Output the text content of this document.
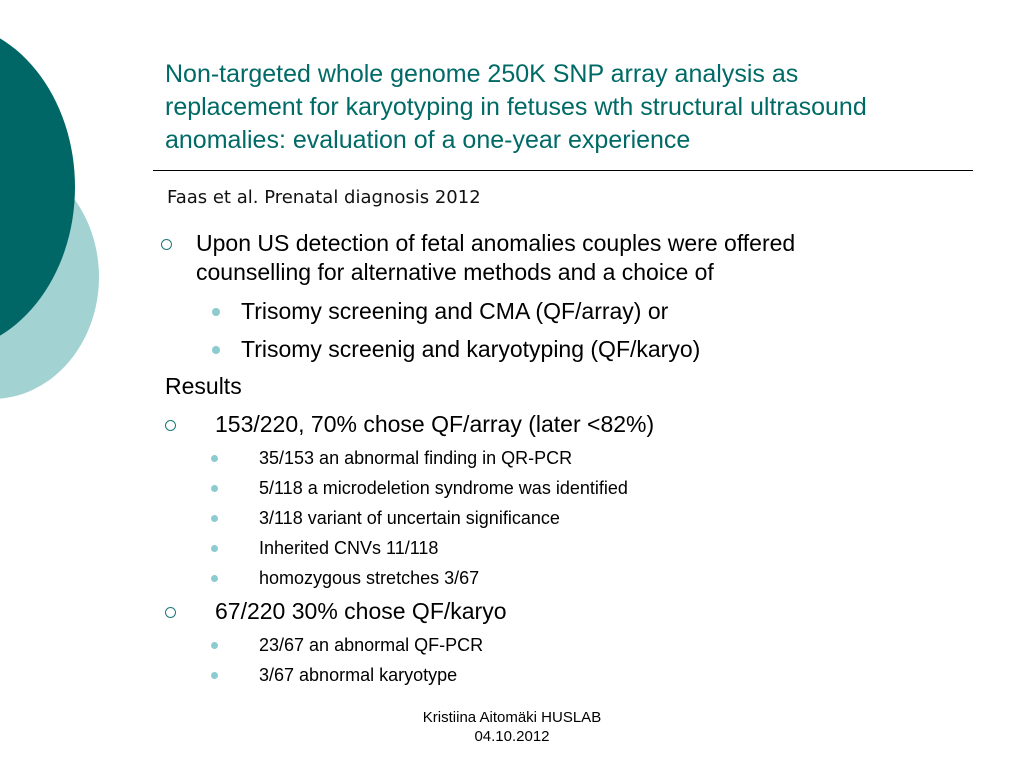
Non-targeted whole genome 250K SNP array analysis as
replacement for karyotyping in fetuses wth structural ultrasound
anomalies: evaluation of a one-year experience
Faas et al. Prenatal diagnosis 2012
Upon US detection of fetal anomalies couples were offered
counselling for alternative methods and a choice of
Trisomy screening and CMA (QF/array) or
Trisomy screenig and karyotyping (QF/karyo)
Results
153/220, 70% chose QF/array (later <82%)
35/153 an abnormal finding in QR-PCR
5/118 a microdeletion syndrome was identified
3/118 variant of uncertain significance
Inherited CNVs 11/118
homozygous stretches 3/67
67/220 30% chose QF/karyo
23/67 an abnormal QF-PCR
3/67 abnormal karyotype
Kristiina Aitomäki HUSLAB
04.10.2012
